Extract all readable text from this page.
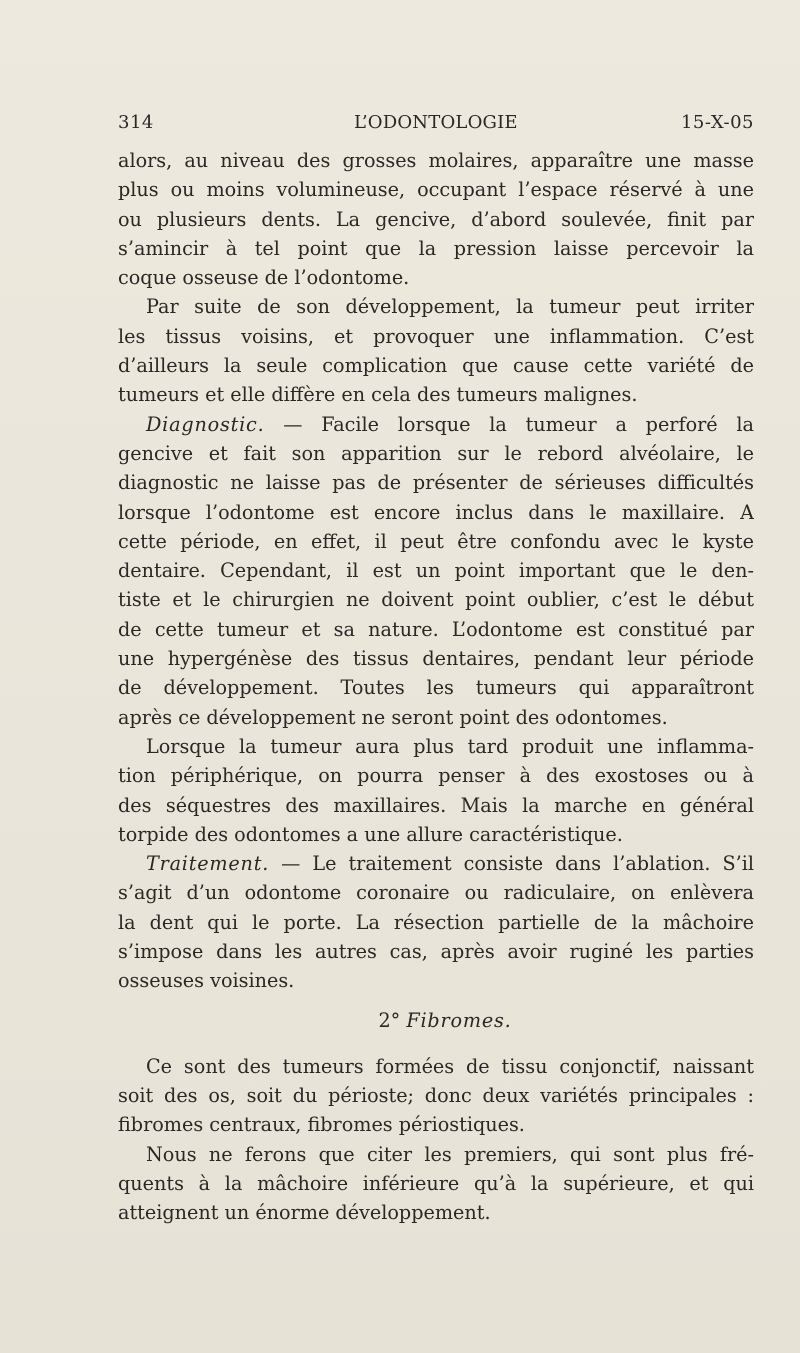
314	L’ODONTOLOGIE	15-X-05
alors, au niveau des grosses molaires, apparaître une masse
plus ou moins volumineuse, occupant l’espace réservé à une
ou plusieurs dents. La gencive, d’abord soulevée, finit par
s’amincir à tel point que la pression laisse percevoir la
coque osseuse de l’odontome.
Par suite de son développement, la tumeur peut irriter
les tissus voisins, et provoquer une inflammation. C’est
d’ailleurs la seule complication que cause cette variété de
tumeurs et elle diffère en cela des tumeurs malignes.
Diagnostic. — Facile lorsque la tumeur a perforé la
gencive et fait son apparition sur le rebord alvéolaire, le
diagnostic ne laisse pas de présenter de sérieuses difficultés
lorsque l’odontome est encore inclus dans le maxillaire. A
cette période, en effet, il peut être confondu avec le kyste
dentaire. Cependant, il est un point important que le den-
tiste et le chirurgien ne doivent point oublier, c’est le début
de cette tumeur et sa nature. L’odontome est constitué par
une hypergénèse des tissus dentaires, pendant leur période
de développement. Toutes les tumeurs qui apparaîtront
après ce développement ne seront point des odontomes.
Lorsque la tumeur aura plus tard produit une inflamma-
tion périphérique, on pourra penser à des exostoses ou à
des séquestres des maxillaires. Mais la marche en général
torpide des odontomes a une allure caractéristique.
Traitement. — Le traitement consiste dans l’ablation. S’il
s’agit d’un odontome coronaire ou radiculaire, on enlèvera
la dent qui le porte. La résection partielle de la mâchoire
s’impose dans les autres cas, après avoir ruginé les parties
osseuses voisines.
2° Fibromes.
Ce sont des tumeurs formées de tissu conjonctif, naissant
soit des os, soit du périoste; donc deux variétés principales :
fibromes centraux, fibromes périostiques.
Nous ne ferons que citer les premiers, qui sont plus fré-
quents à la mâchoire inférieure qu’à la supérieure, et qui
atteignent un énorme développement.
